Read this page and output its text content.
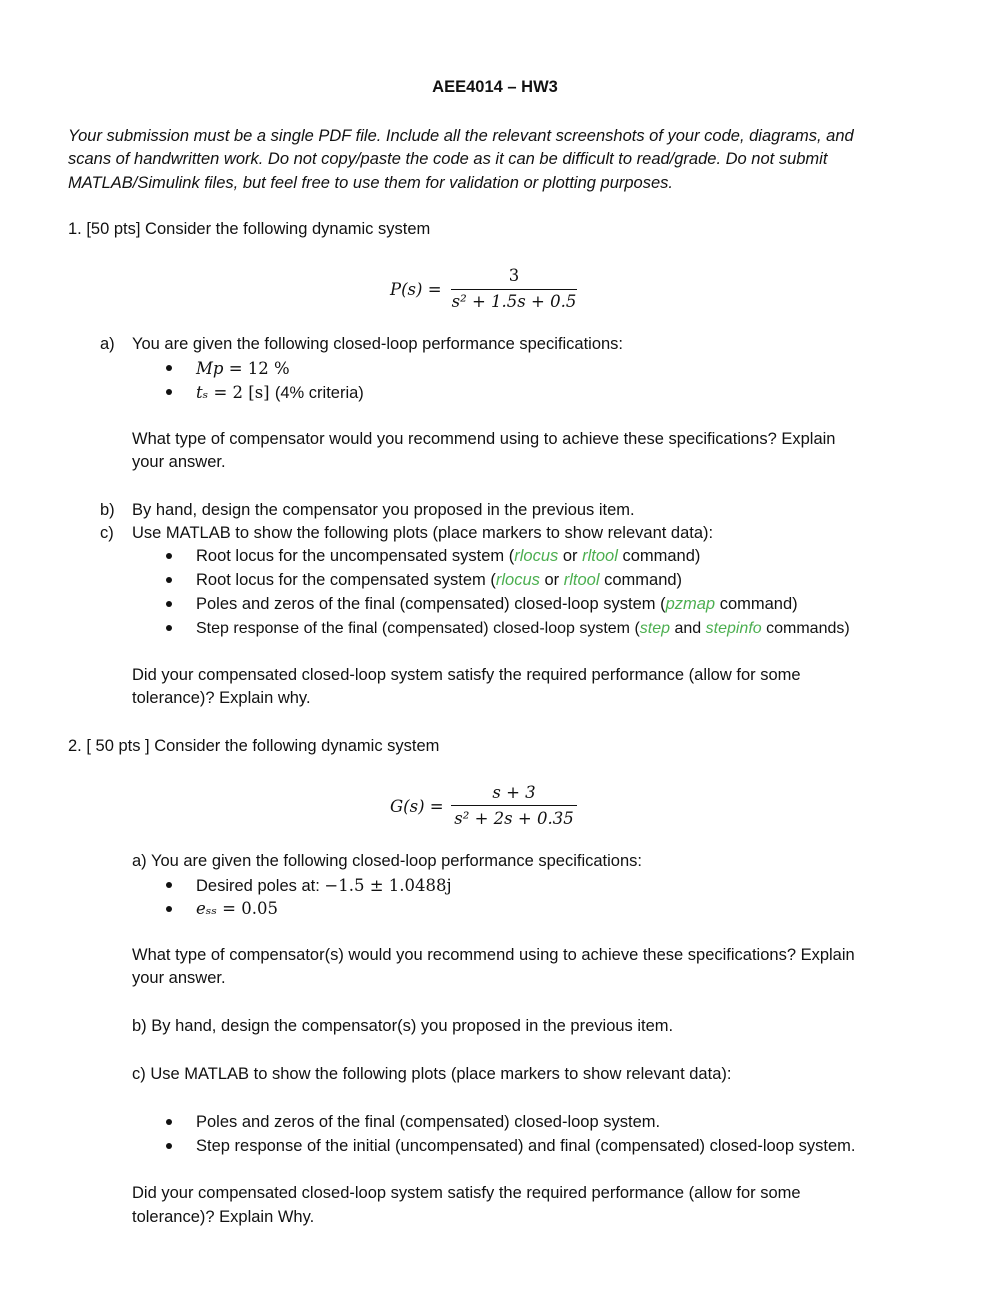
AEE4014 – HW3
Your submission must be a single PDF file. Include all the relevant screenshots of your code, diagrams, and
scans of handwritten work. Do not copy/paste the code as it can be difficult to read/grade. Do not submit
MATLAB/Simulink files, but feel free to use them for validation or plotting purposes.
1. [50 pts] Consider the following dynamic system
P(s) =
3
s² + 1.5s + 0.5
a) You are given the following closed-loop performance specifications:
Mp = 12 %
tₛ = 2 [s] (4% criteria)
What type of compensator would you recommend using to achieve these specifications? Explain
your answer.
b) By hand, design the compensator you proposed in the previous item.
c) Use MATLAB to show the following plots (place markers to show relevant data):
Root locus for the uncompensated system (rlocus or rltool command)
Root locus for the compensated system (rlocus or rltool command)
Poles and zeros of the final (compensated) closed-loop system (pzmap command)
Step response of the final (compensated) closed-loop system (step and stepinfo commands)
Did your compensated closed-loop system satisfy the required performance (allow for some
tolerance)? Explain why.
2. [ 50 pts ] Consider the following dynamic system
G(s) =
s + 3
s² + 2s + 0.35
a) You are given the following closed-loop performance specifications:
Desired poles at: −1.5 ± 1.0488j
eₛₛ = 0.05
What type of compensator(s) would you recommend using to achieve these specifications? Explain
your answer.
b) By hand, design the compensator(s) you proposed in the previous item.
c) Use MATLAB to show the following plots (place markers to show relevant data):
Poles and zeros of the final (compensated) closed-loop system.
Step response of the initial (uncompensated) and final (compensated) closed-loop system.
Did your compensated closed-loop system satisfy the required performance (allow for some
tolerance)? Explain Why.
